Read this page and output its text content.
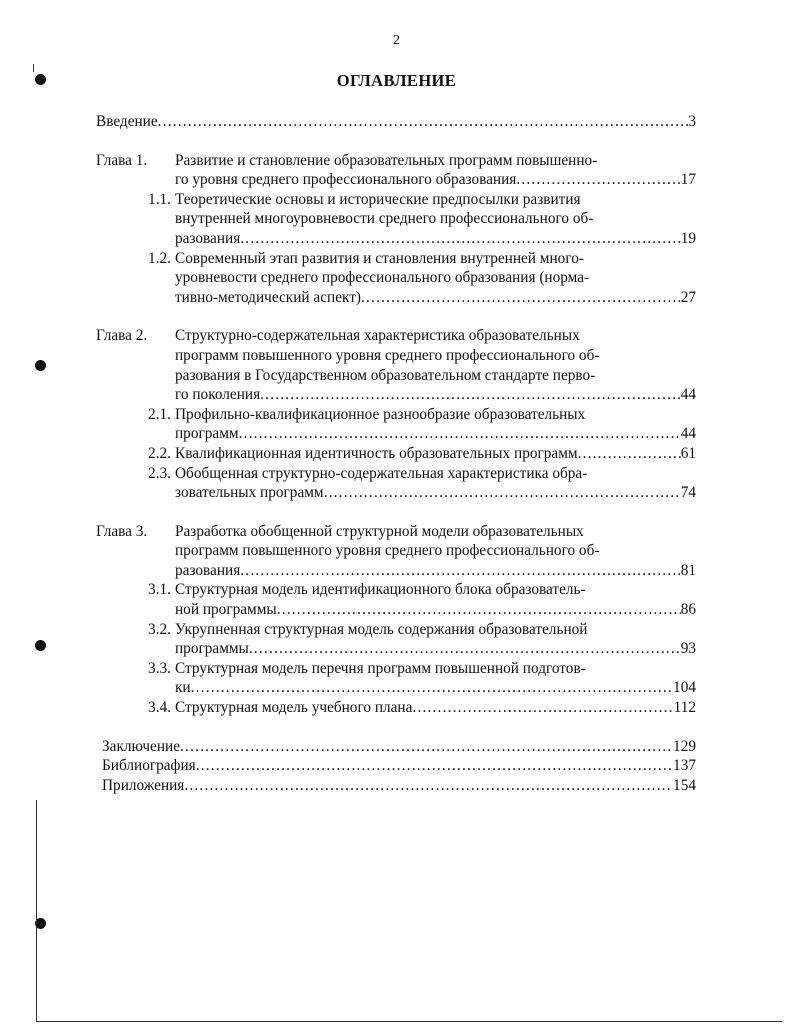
2
ОГЛАВЛЕНИЕ
Введение .....	3
Глава 1.	Развитие и становление образовательных программ повышенно-
го уровня среднего профессионального образования .....	17
1.1. Теоретические основы и исторические предпосылки развития
внутренней многоуровневости среднего профессионального об-
разования .....	19
1.2. Современный этап развития и становления внутренней много-
уровневости среднего профессионального образования (норма-
тивно-методический аспект) .....	27
Глава 2.	Структурно-содержательная характеристика образовательных
программ повышенного уровня среднего профессионального об-
разования в Государственном образовательном стандарте перво-
го поколения .....	44
2.1. Профильно-квалификационное разнообразие образовательных
программ .....	44
2.2. Квалификационная идентичность образовательных программ .....	61
2.3. Обобщенная структурно-содержательная характеристика обра-
зовательных программ .....	74
Глава 3.	Разработка обобщенной структурной модели образовательных
программ повышенного уровня среднего профессионального об-
разования .....	81
3.1. Структурная модель идентификационного блока образователь-
ной программы .....	86
3.2. Укрупненная структурная модель содержания образовательной
программы .....	93
3.3. Структурная модель перечня программ повышенной подготов-
ки .....	104
3.4. Структурная модель учебного плана .....	112
Заключение .....	129
Библиография .....	137
Приложения .....	154
